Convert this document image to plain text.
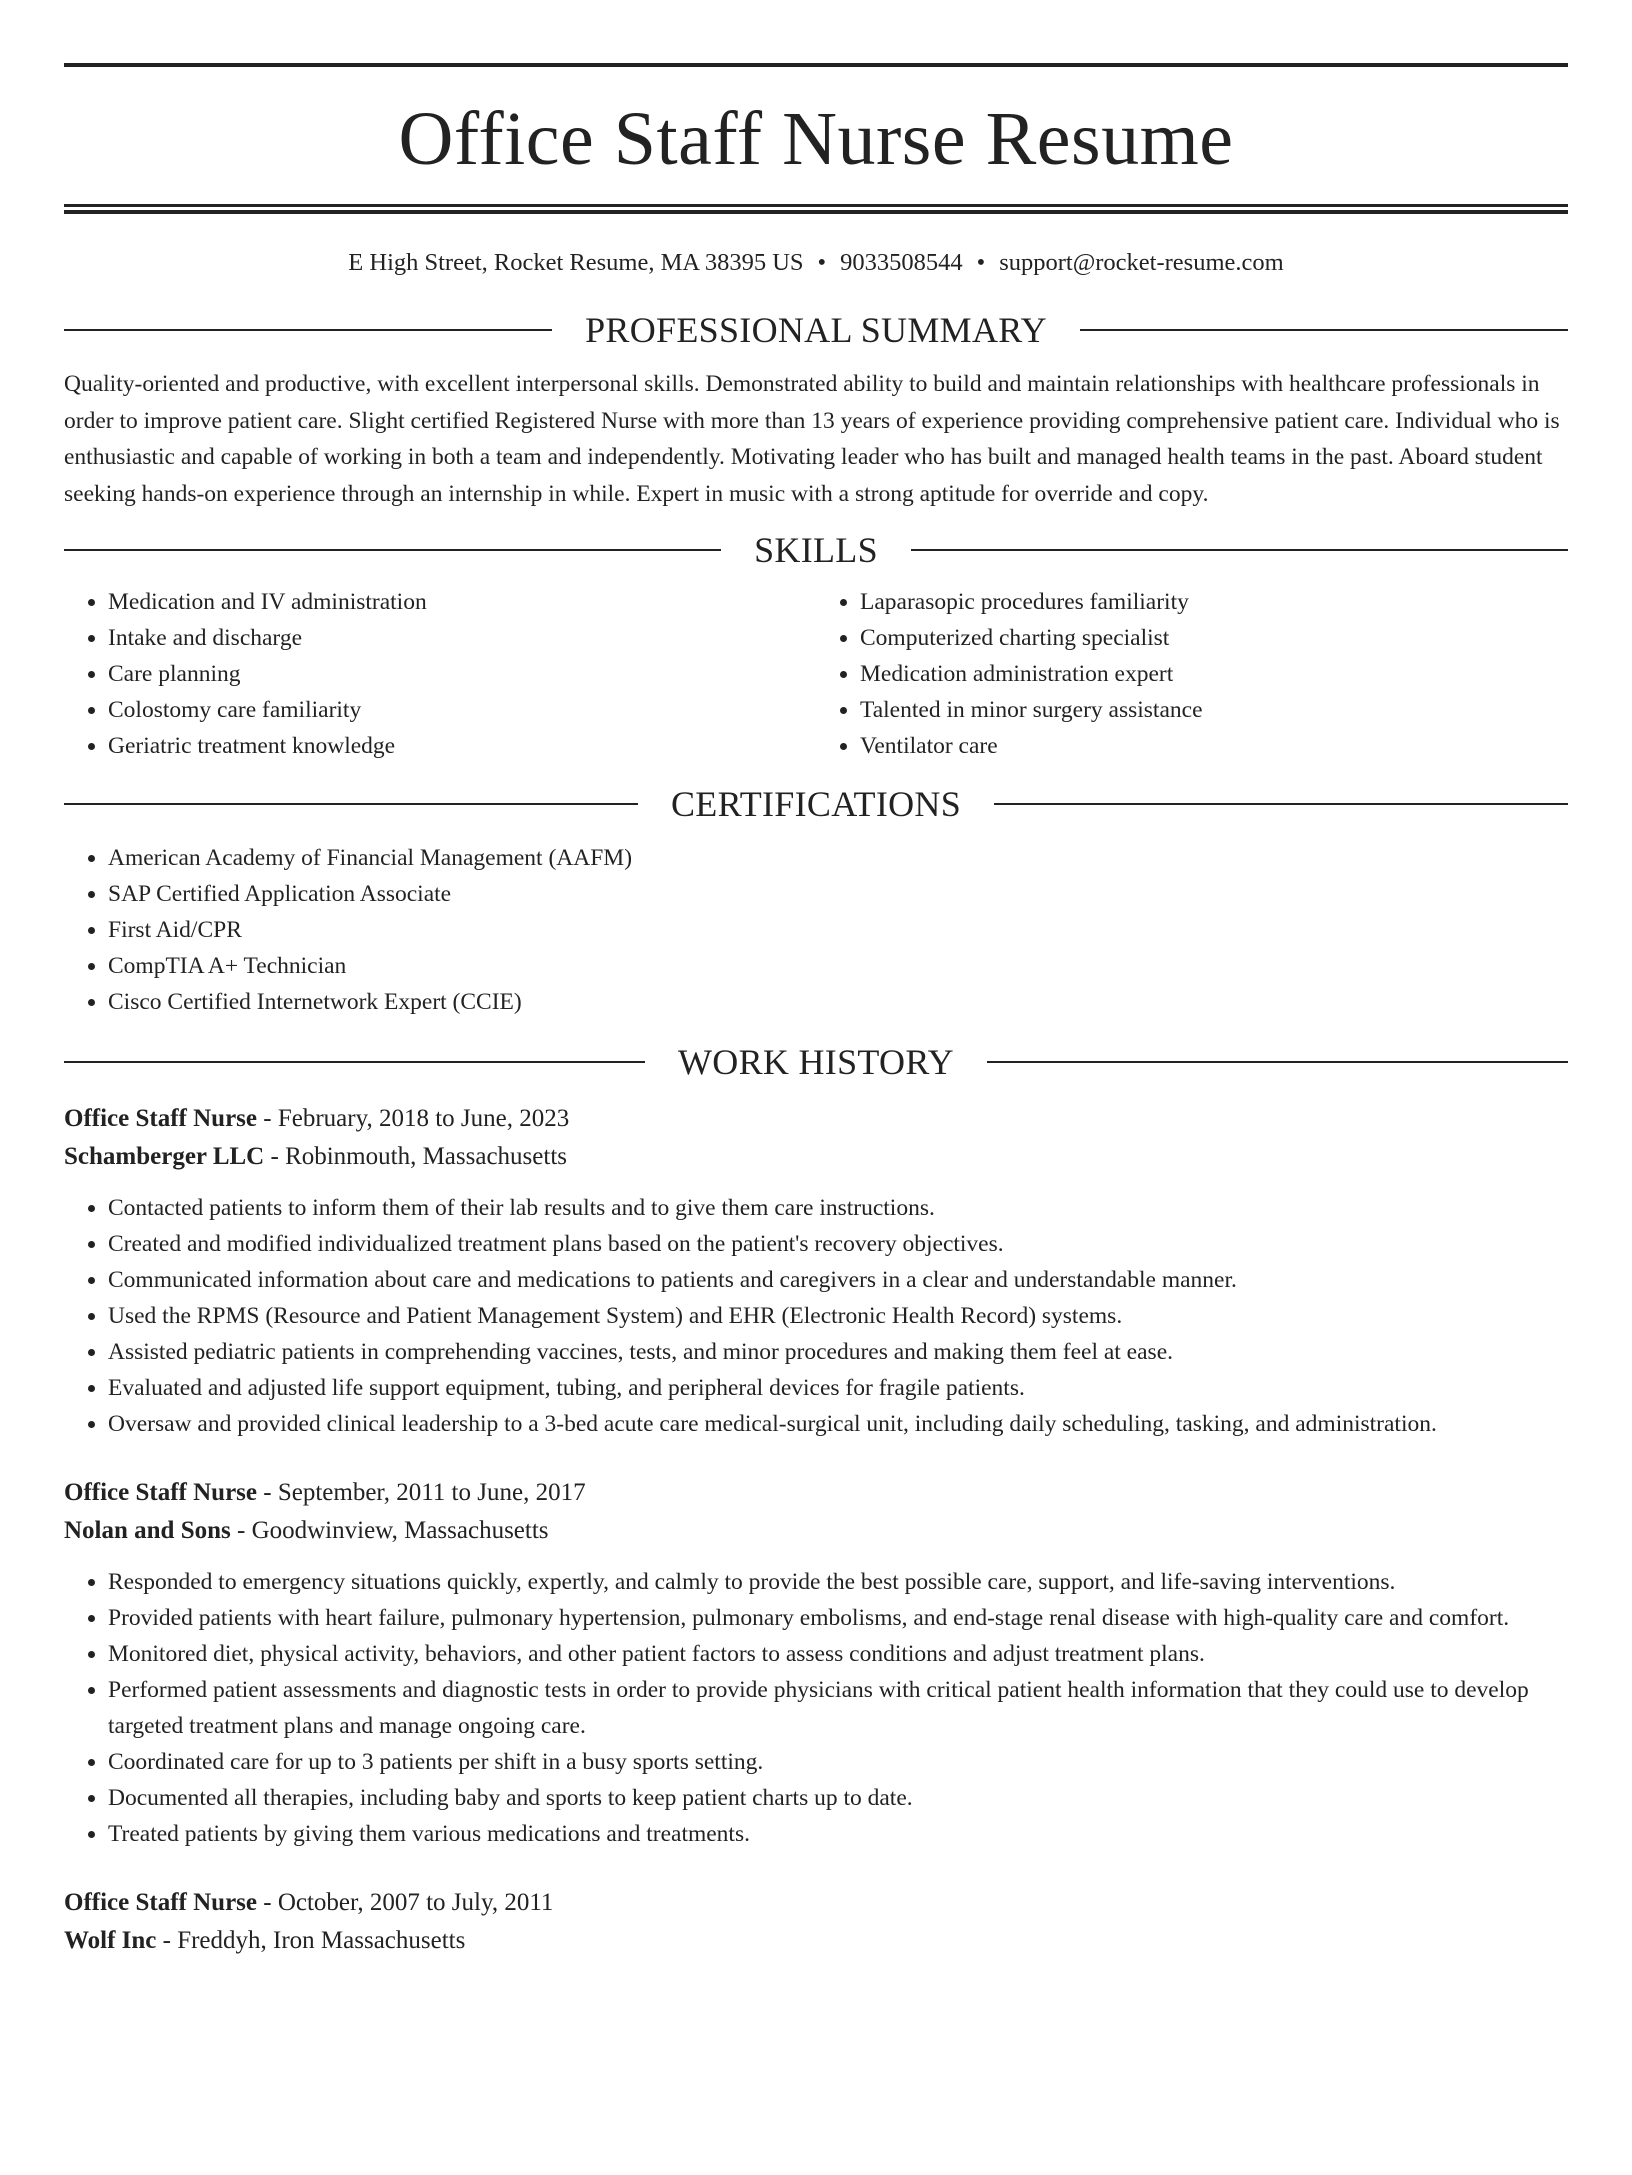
Office Staff Nurse Resume
E High Street, Rocket Resume, MA 38395 US • 9033508544 • support@rocket-resume.com
PROFESSIONAL SUMMARY

Quality-oriented and productive, with excellent interpersonal skills. Demonstrated ability to build and maintain relationships with healthcare professionals in order to improve patient care. Slight certified Registered Nurse with more than 13 years of experience providing comprehensive patient care. Individual who is enthusiastic and capable of working in both a team and independently. Motivating leader who has built and managed health teams in the past. Aboard student seeking hands-on experience through an internship in while. Expert in music with a strong aptitude for override and copy.

SKILLS
• Medication and IV administration
• Intake and discharge
• Care planning
• Colostomy care familiarity
• Geriatric treatment knowledge
• Laparasopic procedures familiarity
• Computerized charting specialist
• Medication administration expert
• Talented in minor surgery assistance
• Ventilator care
CERTIFICATIONS
• American Academy of Financial Management (AAFM)
• SAP Certified Application Associate
• First Aid/CPR
• CompTIA A+ Technician
• Cisco Certified Internetwork Expert (CCIE)
WORK HISTORY
Office Staff Nurse - February, 2018 to June, 2023
Schamberger LLC - Robinmouth, Massachusetts
• Contacted patients to inform them of their lab results and to give them care instructions.
• Created and modified individualized treatment plans based on the patient's recovery objectives.
• Communicated information about care and medications to patients and caregivers in a clear and understandable manner.
• Used the RPMS (Resource and Patient Management System) and EHR (Electronic Health Record) systems.
• Assisted pediatric patients in comprehending vaccines, tests, and minor procedures and making them feel at ease.
• Evaluated and adjusted life support equipment, tubing, and peripheral devices for fragile patients.
• Oversaw and provided clinical leadership to a 3-bed acute care medical-surgical unit, including daily scheduling, tasking, and administration.
Office Staff Nurse - September, 2011 to June, 2017
Nolan and Sons - Goodwinview, Massachusetts
• Responded to emergency situations quickly, expertly, and calmly to provide the best possible care, support, and life-saving interventions.
• Provided patients with heart failure, pulmonary hypertension, pulmonary embolisms, and end-stage renal disease with high-quality care and comfort.
• Monitored diet, physical activity, behaviors, and other patient factors to assess conditions and adjust treatment plans.
• Performed patient assessments and diagnostic tests in order to provide physicians with critical patient health information that they could use to develop targeted treatment plans and manage ongoing care.
• Coordinated care for up to 3 patients per shift in a busy sports setting.
• Documented all therapies, including baby and sports to keep patient charts up to date.
• Treated patients by giving them various medications and treatments.
Office Staff Nurse - October, 2007 to July, 2011
Wolf Inc - Freddyh, Iron Massachusetts
